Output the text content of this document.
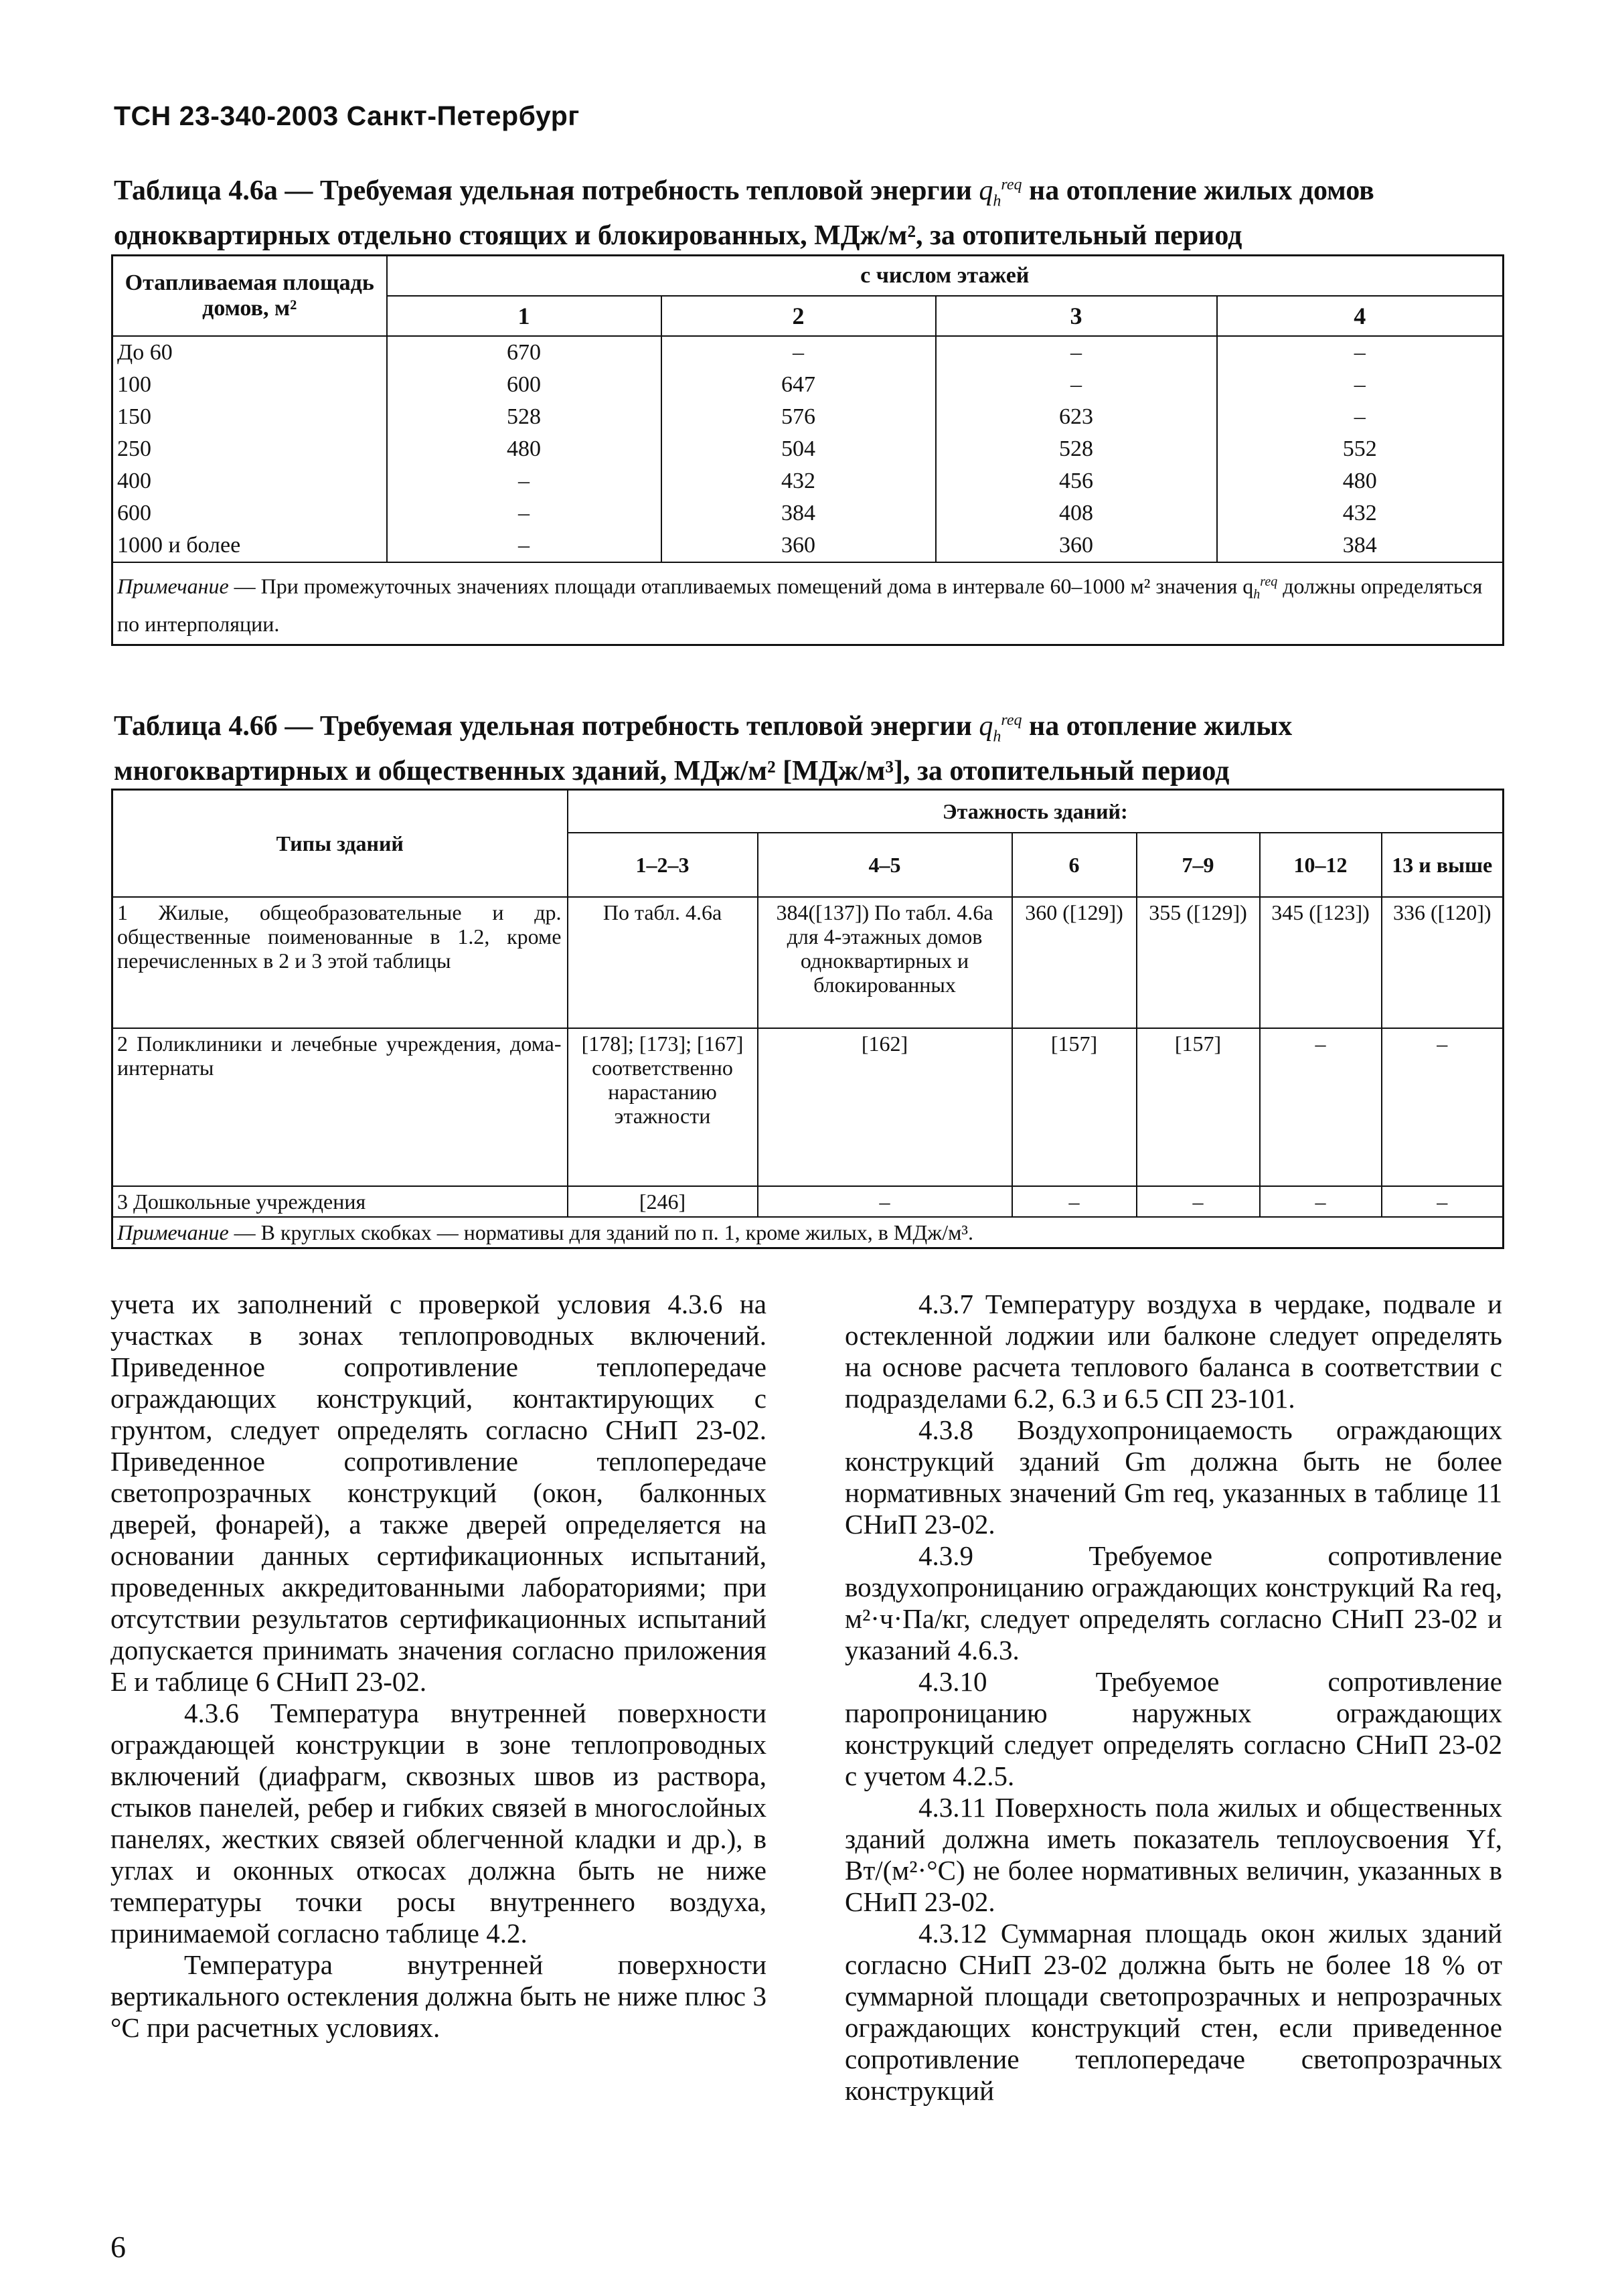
ТСН 23-340-2003 Санкт-Петербург
Таблица 4.6а — Требуемая удельная потребность тепловой энергии $q_h^{req}$ на отопление жилых домов одноквартирных отдельно стоящих и блокированных, МДж/м², за отопительный период
Отапливаемая площадь домов, м²	с числом этажей			
	1	2	3	4
До 60	670	–	–	–
100	600	647	–	–
150	528	576	623	–
250	480	504	528	552
400	–	432	456	480
600	–	384	408	432
1000 и более	–	360	360	384
Примечание — При промежуточных значениях площади отапливаемых помещений дома в интервале 60–1000 м² значения $q_h^{req}$ должны определяться по интерполяции.				
Таблица 4.6б — Требуемая удельная потребность тепловой энергии $q_h^{req}$ на отопление жилых многоквартирных и общественных зданий, МДж/м² [МДж/м³], за отопительный период
Типы зданий	Этажность зданий:					
	1–2–3	4–5	6	7–9	10–12	13 и выше
1 Жилые, общеобразовательные и др. общественные поименованные в 1.2, кроме перечисленных в 2 и 3 этой таблицы	По табл. 4.6а	384([137]) По табл. 4.6а для 4-этажных домов одноквартирных и блокированных	360 ([129])	355 ([129])	345 ([123])	336 ([120])
2 Поликлиники и лечебные учреждения, дома-интернаты	[178]; [173]; [167] соответственно нарастанию этажности	[162]	[157]	[157]	–	–
3 Дошкольные учреждения	[246]	–	–	–	–	–
Примечание — В круглых скобках — нормативы для зданий по п. 1, кроме жилых, в МДж/м³.						

учета их заполнений с проверкой условия 4.3.6 на участках в зонах теплопроводных включений. Приведенное сопротивление теплопередаче ограждающих конструкций, контактирующих с грунтом, следует определять согласно СНиП 23-02. Приведенное сопротивление теплопередаче светопрозрачных конструкций (окон, балконных дверей, фонарей), а также дверей определяется на основании данных сертификационных испытаний, проведенных аккредитованными лабораториями; при отсутствии результатов сертификационных испытаний допускается принимать значения согласно приложения Е и таблице 6 СНиП 23-02.

4.3.6 Температура внутренней поверхности ограждающей конструкции в зоне теплопроводных включений (диафрагм, сквозных швов из раствора, стыков панелей, ребер и гибких связей в многослойных панелях, жестких связей облегченной кладки и др.), в углах и оконных откосах должна быть не ниже температуры точки росы внутреннего воздуха, принимаемой согласно таблице 4.2.

Температура внутренней поверхности вертикального остекления должна быть не ниже плюс 3 °С при расчетных условиях.

4.3.7 Температуру воздуха в чердаке, подвале и остекленной лоджии или балконе следует определять на основе расчета теплового баланса в соответствии с подразделами 6.2, 6.3 и 6.5 СП 23-101.

4.3.8 Воздухопроницаемость ограждающих конструкций зданий Gm должна быть не более нормативных значений Gm req, указанных в таблице 11 СНиП 23-02.

4.3.9 Требуемое сопротивление воздухопроницанию ограждающих конструкций Ra req, м²·ч·Па/кг, следует определять согласно СНиП 23-02 и указаний 4.6.3.

4.3.10 Требуемое сопротивление паропроницанию наружных ограждающих конструкций следует определять согласно СНиП 23-02 с учетом 4.2.5.

4.3.11 Поверхность пола жилых и общественных зданий должна иметь показатель теплоусвоения Yf, Вт/(м²·°С) не более нормативных величин, указанных в СНиП 23-02.

4.3.12 Суммарная площадь окон жилых зданий согласно СНиП 23-02 должна быть не более 18 % от суммарной площади светопрозрачных и непрозрачных ограждающих конструкций стен, если приведенное сопротивление теплопередаче светопрозрачных конструкций

6
